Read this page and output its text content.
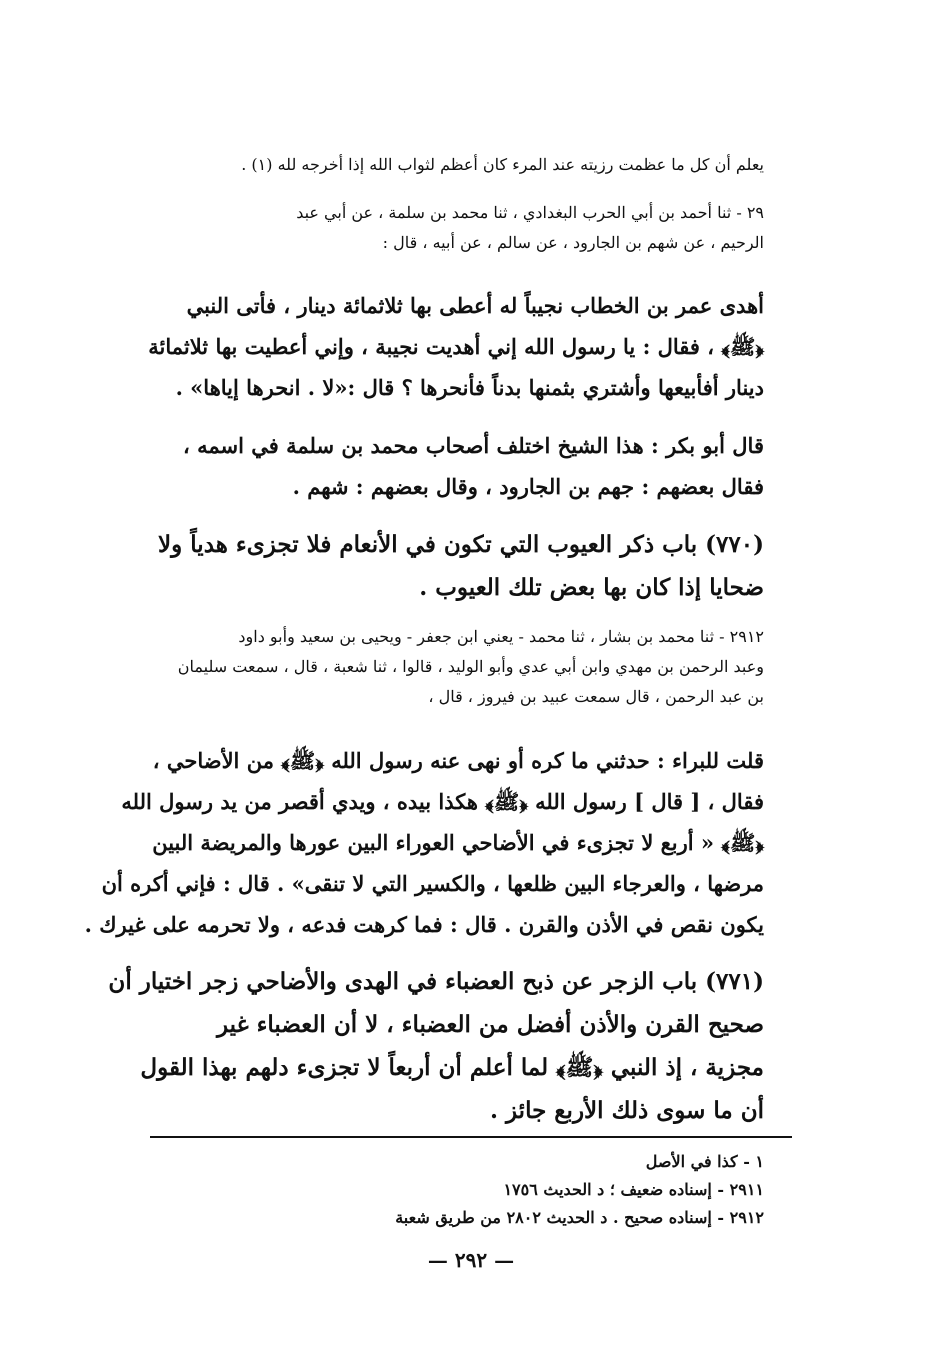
يعلم أن كل ما عظمت رزيته عند المرء كان أعظم لثواب الله إذا أخرجه لله (١) .
٢٩ - ثنا أحمد بن أبي الحرب البغدادي ، ثنا محمد بن سلمة ، عن أبي عبد
الرحيم ، عن شهم بن الجارود ، عن سالم ، عن أبيه ، قال :
أهدى عمر بن الخطاب نجيباً له أعطى بها ثلاثمائة دينار ، فأتى النبي
﴿ﷺ﴾ ، فقال : يا رسول الله إني أهديت نجيبة ، وإني أعطيت بها ثلاثمائة
دينار أفأبيعها وأشتري بثمنها بدناً فأنحرها ؟ قال :«لا . انحرها إياها» .
قال أبو بكر : هذا الشيخ اختلف أصحاب محمد بن سلمة في اسمه ،
فقال بعضهم : جهم بن الجارود ، وقال بعضهم : شهم .
(٧٧٠) باب ذكر العيوب التي تكون في الأنعام فلا تجزىء هدياً ولا
ضحايا إذا كان بها بعض تلك العيوب .
٢٩١٢ - ثنا محمد بن بشار ، ثنا محمد - يعني ابن جعفر - ويحيى بن سعيد وأبو داود
وعبد الرحمن بن مهدي وابن أبي عدي وأبو الوليد ، قالوا ، ثنا شعبة ، قال ، سمعت سليمان
بن عبد الرحمن ، قال سمعت عبيد بن فيروز ، قال ،
قلت للبراء : حدثني ما كره أو نهى عنه رسول الله ﴿ﷺ﴾ من الأضاحي ،
فقال ، [ قال ] رسول الله ﴿ﷺ﴾ هكذا بيده ، ويدي أقصر من يد رسول الله
﴿ﷺ﴾ « أربع لا تجزىء في الأضاحي العوراء البين عورها والمريضة البين
مرضها ، والعرجاء البين ظلعها ، والكسير التي لا تنقى» . قال : فإني أكره أن
يكون نقص في الأذن والقرن . قال : فما كرهت فدعه ، ولا تحرمه على غيرك .
(٧٧١) باب الزجر عن ذبح العضباء في الهدى والأضاحي زجر اختيار أن
صحيح القرن والأذن أفضل من العضباء ، لا أن العضباء غير
مجزية ، إذ النبي ﴿ﷺ﴾ لما أعلم أن أربعاً لا تجزىء دلهم بهذا القول
أن ما سوى ذلك الأربع جائز .
١ - كذا في الأصل
٢٩١١ - إسناده ضعيف ؛ د الحديث ١٧٥٦
٢٩١٢ - إسناده صحيح . د الحديث ٢٨٠٢ من طريق شعبة
— ٢٩٢ —
